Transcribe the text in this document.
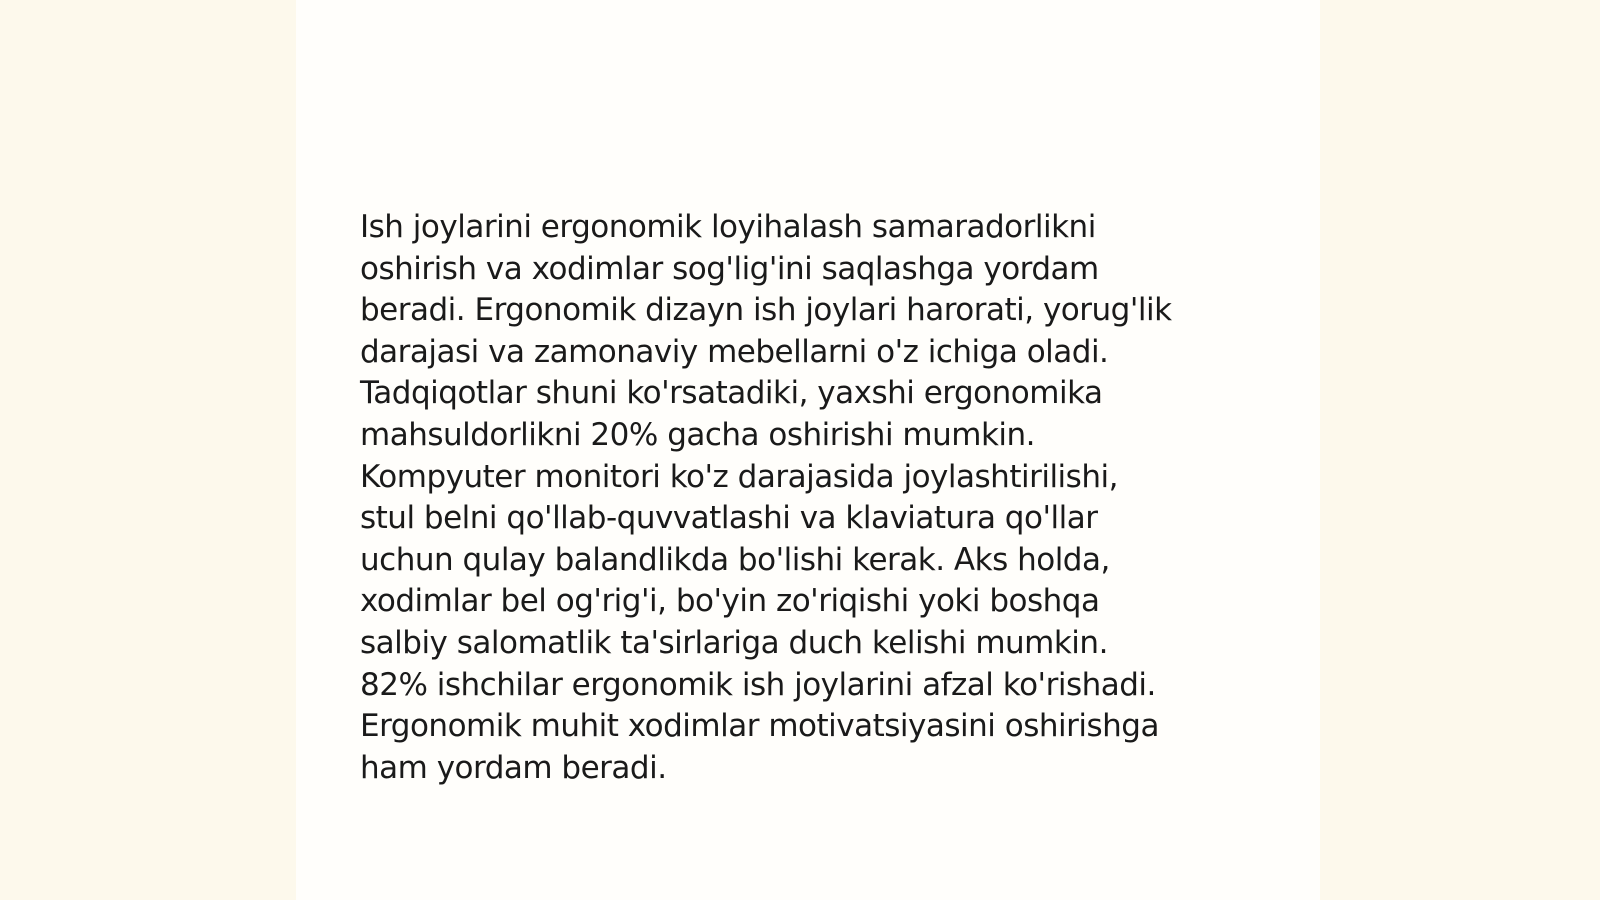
Ish joylarini ergonomik loyihalash samaradorlikni
oshirish va xodimlar sog'lig'ini saqlashga yordam
beradi. Ergonomik dizayn ish joylari harorati, yorug'lik
darajasi va zamonaviy mebellarni o'z ichiga oladi.
Tadqiqotlar shuni ko'rsatadiki, yaxshi ergonomika
mahsuldorlikni 20% gacha oshirishi mumkin.
Kompyuter monitori ko'z darajasida joylashtirilishi,
stul belni qo'llab-quvvatlashi va klaviatura qo'llar
uchun qulay balandlikda bo'lishi kerak. Aks holda,
xodimlar bel og'rig'i, bo'yin zo'riqishi yoki boshqa
salbiy salomatlik ta'sirlariga duch kelishi mumkin.
82% ishchilar ergonomik ish joylarini afzal ko'rishadi.
Ergonomik muhit xodimlar motivatsiyasini oshirishga
ham yordam beradi.
